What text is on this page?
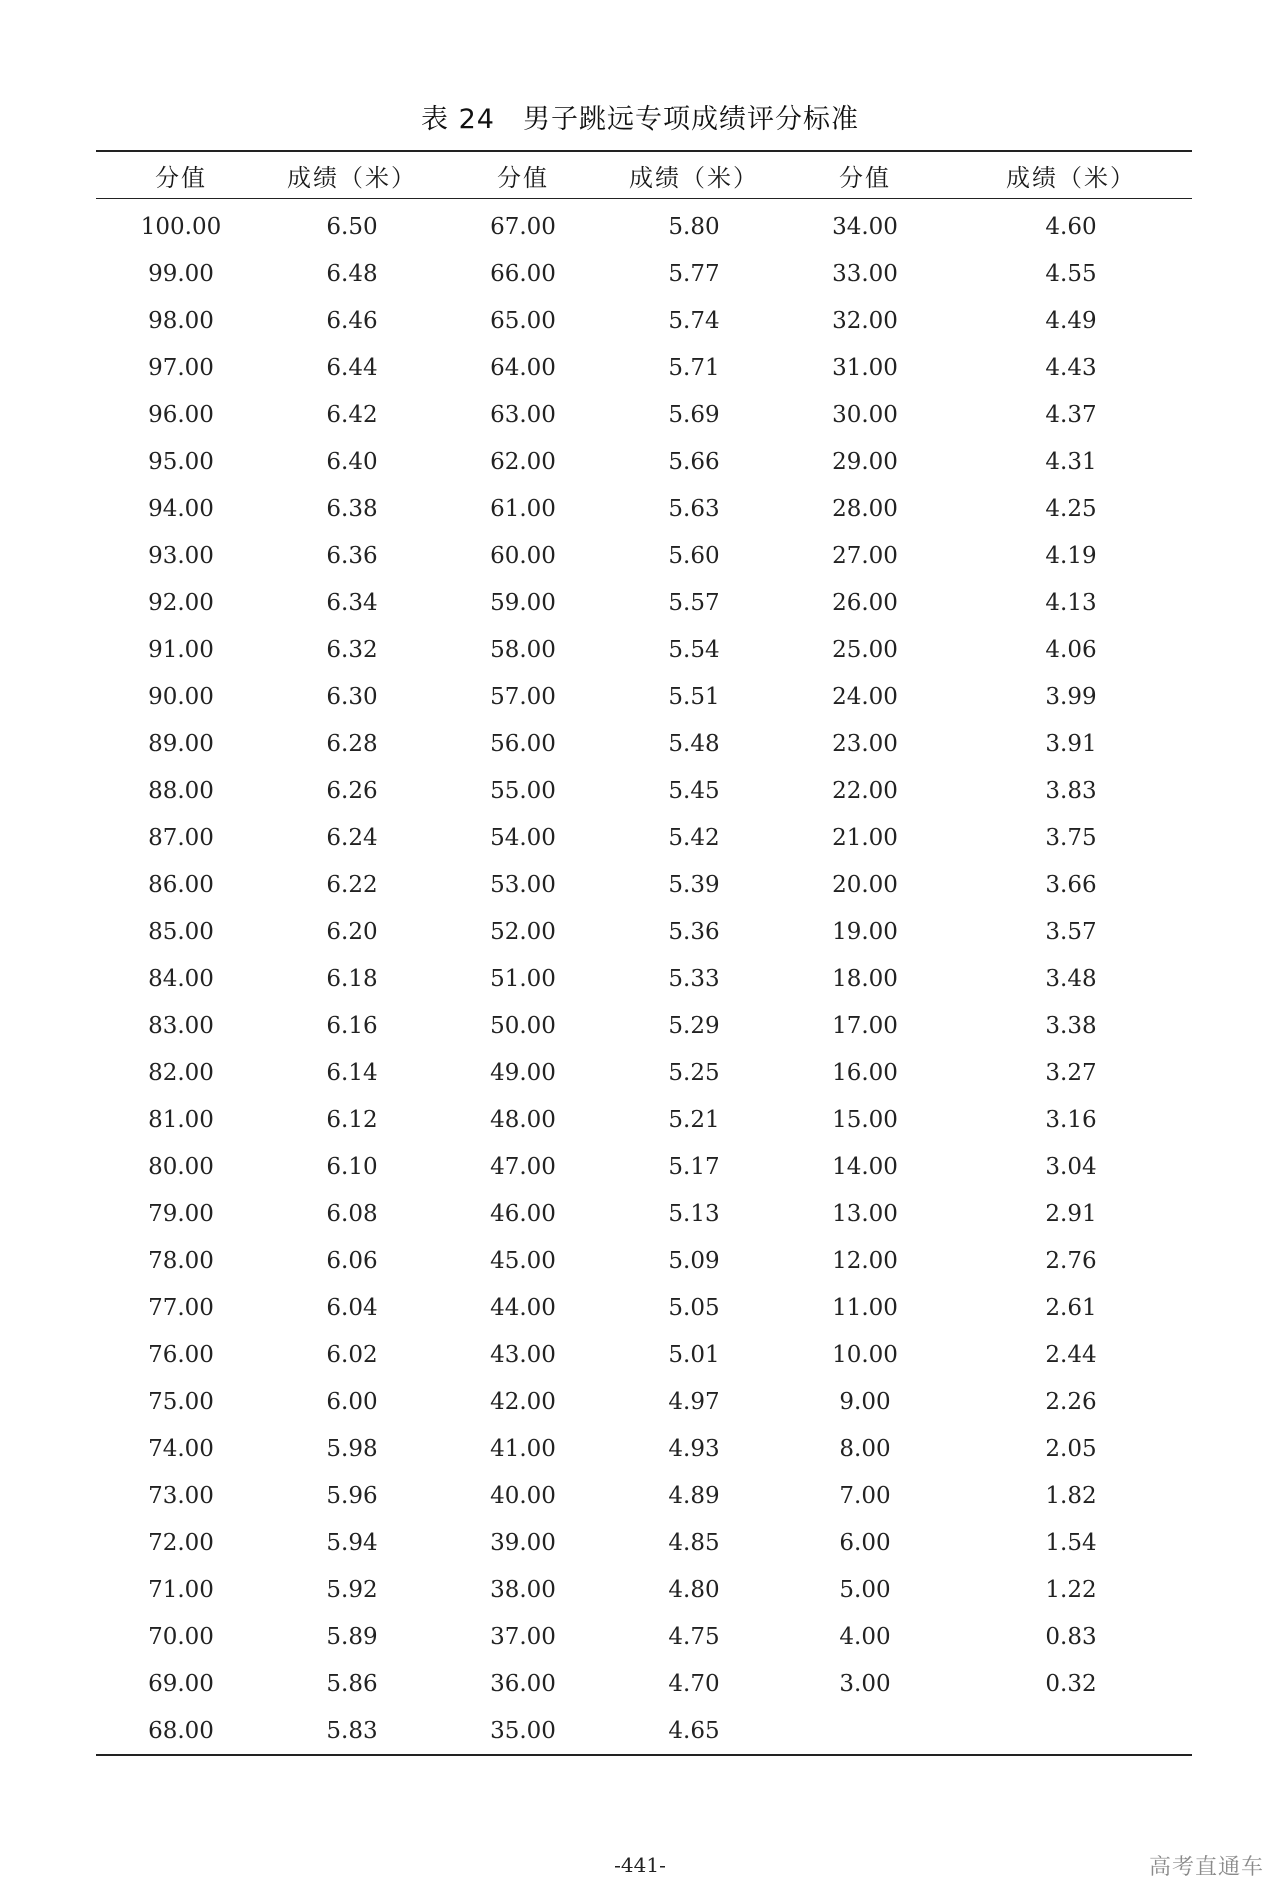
表 24　男子跳远专项成绩评分标准
分值	成绩（米）	分值	成绩（米）	分值	成绩（米）
100.00	6.50	67.00	5.80	34.00	4.60
99.00	6.48	66.00	5.77	33.00	4.55
98.00	6.46	65.00	5.74	32.00	4.49
97.00	6.44	64.00	5.71	31.00	4.43
96.00	6.42	63.00	5.69	30.00	4.37
95.00	6.40	62.00	5.66	29.00	4.31
94.00	6.38	61.00	5.63	28.00	4.25
93.00	6.36	60.00	5.60	27.00	4.19
92.00	6.34	59.00	5.57	26.00	4.13
91.00	6.32	58.00	5.54	25.00	4.06
90.00	6.30	57.00	5.51	24.00	3.99
89.00	6.28	56.00	5.48	23.00	3.91
88.00	6.26	55.00	5.45	22.00	3.83
87.00	6.24	54.00	5.42	21.00	3.75
86.00	6.22	53.00	5.39	20.00	3.66
85.00	6.20	52.00	5.36	19.00	3.57
84.00	6.18	51.00	5.33	18.00	3.48
83.00	6.16	50.00	5.29	17.00	3.38
82.00	6.14	49.00	5.25	16.00	3.27
81.00	6.12	48.00	5.21	15.00	3.16
80.00	6.10	47.00	5.17	14.00	3.04
79.00	6.08	46.00	5.13	13.00	2.91
78.00	6.06	45.00	5.09	12.00	2.76
77.00	6.04	44.00	5.05	11.00	2.61
76.00	6.02	43.00	5.01	10.00	2.44
75.00	6.00	42.00	4.97	9.00	2.26
74.00	5.98	41.00	4.93	8.00	2.05
73.00	5.96	40.00	4.89	7.00	1.82
72.00	5.94	39.00	4.85	6.00	1.54
71.00	5.92	38.00	4.80	5.00	1.22
70.00	5.89	37.00	4.75	4.00	0.83
69.00	5.86	36.00	4.70	3.00	0.32
68.00	5.83	35.00	4.65		
-441-	高考直通车
